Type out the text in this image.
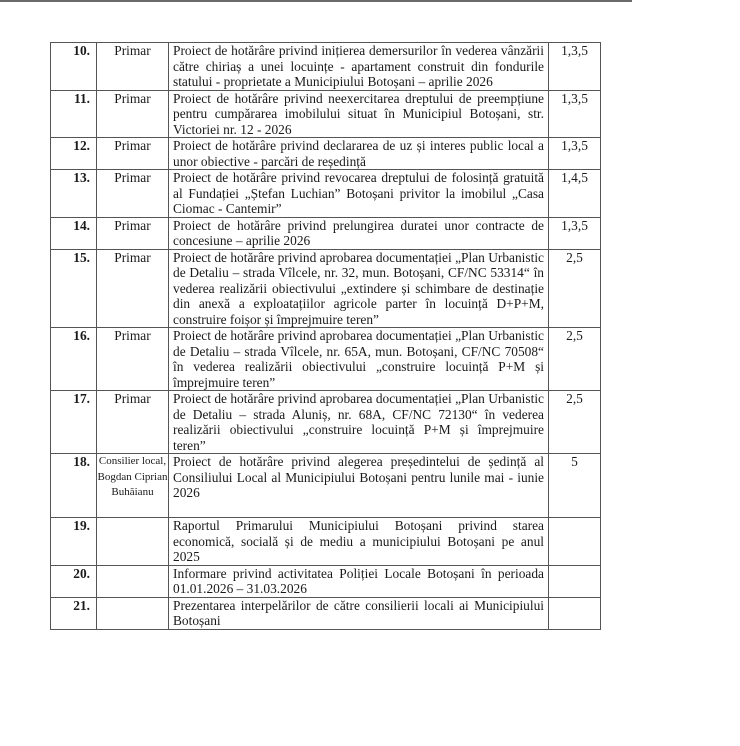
10.	Primar	Proiect de hotărâre privind inițierea demersurilor în vederea vânzării către chiriaș a unei locuințe - apartament construit din fondurile statului - proprietate a Municipiului Botoșani – aprilie 2026	1,3,5
11.	Primar	Proiect de hotărâre privind neexercitarea dreptului de preempțiune pentru cumpărarea imobilului situat în Municipiul Botoșani, str. Victoriei nr. 12 - 2026	1,3,5
12.	Primar	Proiect de hotărâre privind declararea de uz și interes public local a unor obiective - parcări de reședință	1,3,5
13.	Primar	Proiect de hotărâre privind revocarea dreptului de folosință gratuită al Fundației „Ștefan Luchian” Botoșani privitor la imobilul „Casa Ciomac - Cantemir”	1,4,5
14.	Primar	Proiect de hotărâre privind prelungirea duratei unor contracte de concesiune – aprilie 2026	1,3,5
15.	Primar	Proiect de hotărâre privind aprobarea documentației „Plan Urbanistic de Detaliu – strada Vîlcele, nr. 32, mun. Botoșani, CF/NC 53314“ în vederea realizării obiectivului „extindere și schimbare de destinație din anexă a exploatațiilor agricole parter în locuință D+P+M, construire foișor și împrejmuire teren”	2,5
16.	Primar	Proiect de hotărâre privind aprobarea documentației „Plan Urbanistic de Detaliu – strada Vîlcele, nr. 65A, mun. Botoșani, CF/NC 70508“ în vederea realizării obiectivului „construire locuință P+M și împrejmuire teren”	2,5
17.	Primar	Proiect de hotărâre privind aprobarea documentației „Plan Urbanistic de Detaliu – strada Aluniș, nr. 68A, CF/NC 72130“ în vederea realizării obiectivului „construire locuință P+M și împrejmuire teren”	2,5
18.	Consilier local, Bogdan Ciprian Buhăianu	Proiect de hotărâre privind alegerea președintelui de ședință al Consiliului Local al Municipiului Botoșani pentru lunile mai - iunie 2026	5
19.		Raportul Primarului Municipiului Botoșani privind starea economică, socială și de mediu a municipiului Botoșani pe anul 2025	
20.		Informare privind activitatea Poliției Locale Botoșani în perioada 01.01.2026 – 31.03.2026	
21.		Prezentarea interpelărilor de către consilierii locali ai Municipiului Botoșani	
